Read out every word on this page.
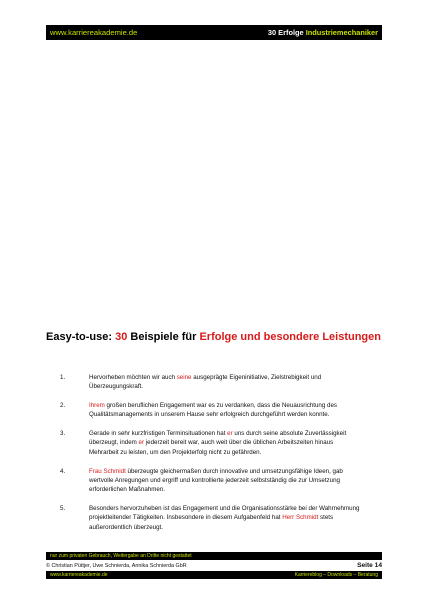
www.karriereakademie.de	30 Erfolge Industriemechaniker
Easy-to-use: 30 Beispiele für Erfolge und besondere Leistungen
1.	Hervorheben möchten wir auch seine ausgeprägte Eigeninitiative, Zielstrebigkeit und Überzeugungskraft.
2.	Ihrem großen beruflichen Engagement war es zu verdanken, dass die Neuausrichtung des Qualitätsmanagements in unserem Hause sehr erfolgreich durchgeführt werden konnte.
3.	Gerade in sehr kurzfristigen Terminsituationen hat er uns durch seine absolute Zuverlässigkeit überzeugt, indem er jederzeit bereit war, auch weit über die üblichen Arbeitszeiten hinaus Mehrarbeit zu leisten, um den Projekterfolg nicht zu gefährden.
4.	Frau Schmidt überzeugte gleichermaßen durch innovative und umsetzungsfähige Ideen, gab wertvolle Anregungen und ergriff und kontrollierte jederzeit selbstständig die zur Umsetzung erforderlichen Maßnahmen.
5.	Besonders hervorzuheben ist das Engagement und die Organisationsstärke bei der Wahrnehmung projektleitender Tätigkeiten. Insbesondere in diesem Aufgabenfeld hat Herr Schmidt stets außerordentlich überzeugt.
nur zum privaten Gebrauch, Weitergabe an Dritte nicht gestattet
© Christian Püttjer, Uwe Schnierda, Annika Schnierda GbR	Seite 14
www.karriereakademie.de	Karriereblog – Downloads – Beratung
